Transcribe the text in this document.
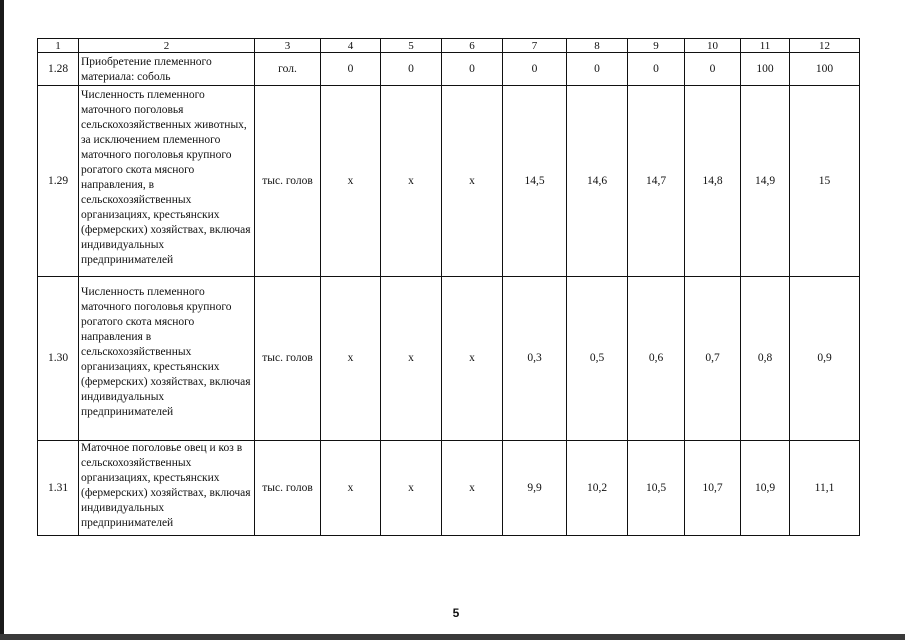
1	2	3	4	5	6	7	8	9	10	11	12
1.28	Приобретение племенного материала: соболь	гол.	0	0	0	0	0	0	0	100	100
1.29	Численность племенного маточного поголовья сельскохозяйственных животных, за исключением племенного маточного поголовья крупного рогатого скота мясного направления, в сельскохозяйственных организациях, крестьянских (фермерских) хозяйствах, включая индивидуальных предпринимателей	тыс. голов	х	х	х	14,5	14,6	14,7	14,8	14,9	15
1.30	Численность племенного маточного поголовья крупного рогатого скота мясного направления в сельскохозяйственных организациях, крестьянских (фермерских) хозяйствах, включая индивидуальных предпринимателей	тыс. голов	х	х	х	0,3	0,5	0,6	0,7	0,8	0,9
1.31	Маточное поголовье овец и коз в сельскохозяйственных организациях, крестьянских (фермерских) хозяйствах, включая индивидуальных предпринимателей	тыс. голов	х	х	х	9,9	10,2	10,5	10,7	10,9	11,1
5
